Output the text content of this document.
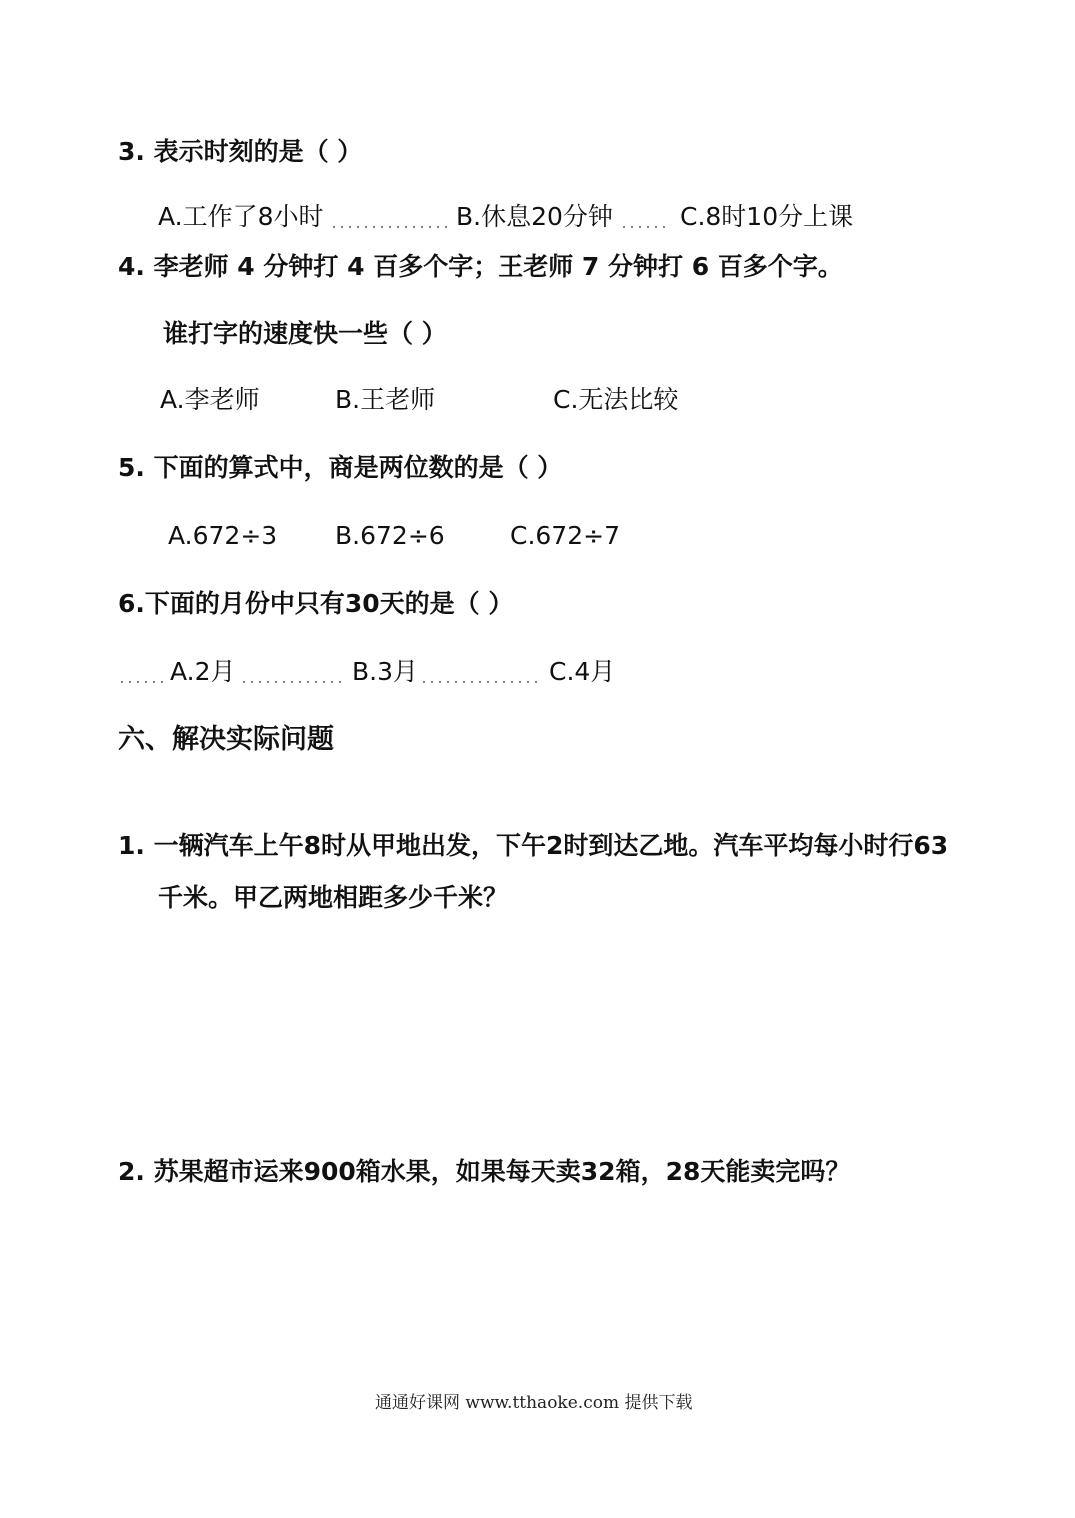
3. 表示时刻的是（ ）
A.工作了8小时	B.休息20分钟	C.8时10分上课
4. 李老师 4 分钟打 4 百多个字；王老师 7 分钟打 6 百多个字。
谁打字的速度快一些（ ）
A.李老师	B.王老师	C.无法比较
5. 下面的算式中，商是两位数的是（ ）
A.672÷3 B.672÷6	C.672÷7
6.下面的月份中只有30天的是（ ）
A.2月	B.3月	C.4月
六、解决实际问题
1. 一辆汽车上午8时从甲地出发，下午2时到达乙地。汽车平均每小时行63
千米。甲乙两地相距多少千米？
2. 苏果超市运来900箱水果，如果每天卖32箱，28天能卖完吗？
通通好课网 www.tthaoke.com 提供下载
